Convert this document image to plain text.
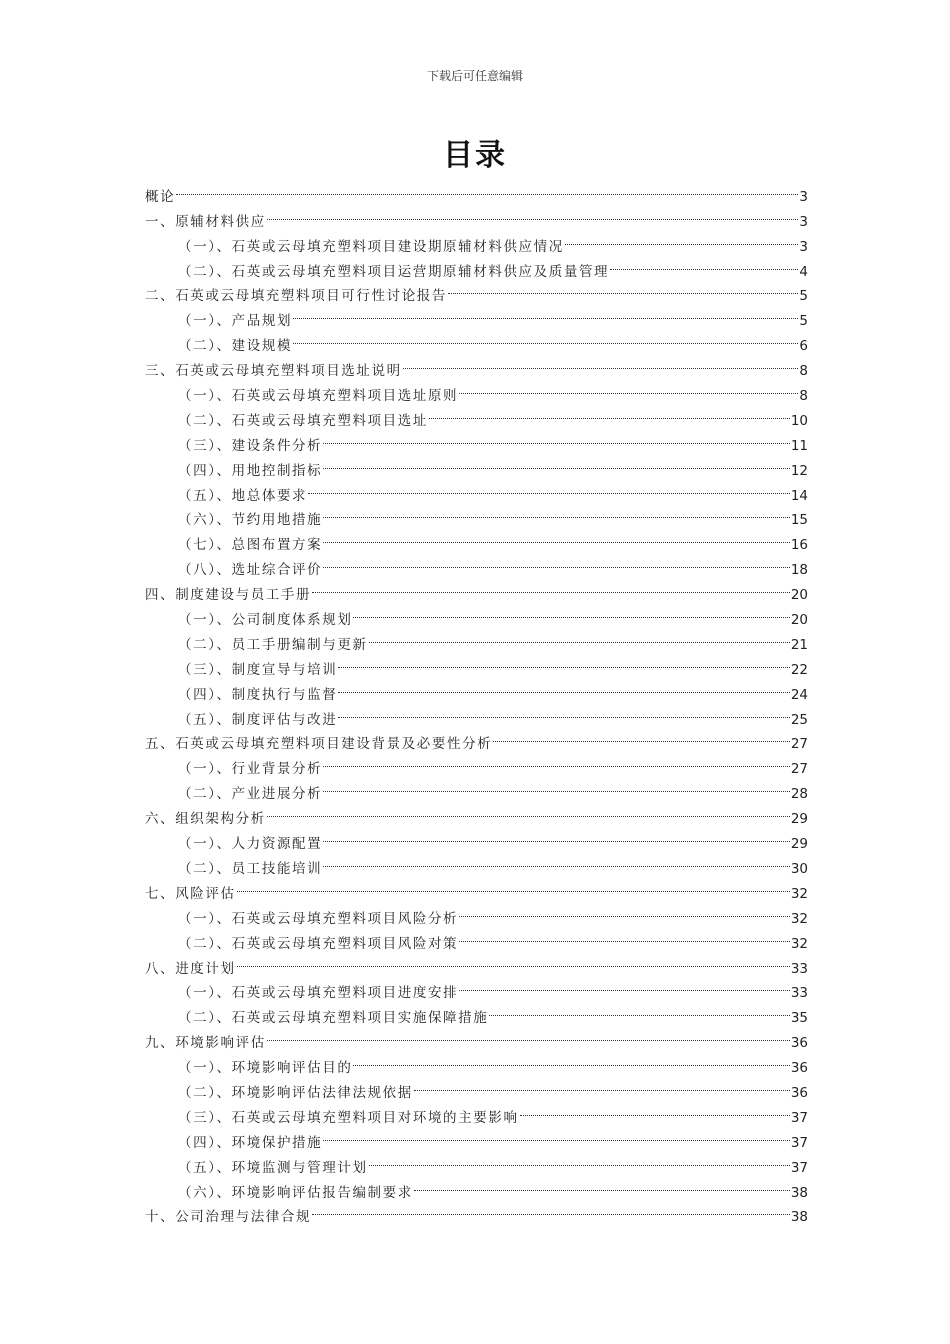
下载后可任意编辑
目录
概论	3
一、原辅材料供应	3
（一）、石英或云母填充塑料项目建设期原辅材料供应情况	3
（二）、石英或云母填充塑料项目运营期原辅材料供应及质量管理	4
二、石英或云母填充塑料项目可行性讨论报告	5
（一）、产品规划	5
（二）、建设规模	6
三、石英或云母填充塑料项目选址说明	8
（一）、石英或云母填充塑料项目选址原则	8
（二）、石英或云母填充塑料项目选址	10
（三）、建设条件分析	11
（四）、用地控制指标	12
（五）、地总体要求	14
（六）、节约用地措施	15
（七）、总图布置方案	16
（八）、选址综合评价	18
四、制度建设与员工手册	20
（一）、公司制度体系规划	20
（二）、员工手册编制与更新	21
（三）、制度宣导与培训	22
（四）、制度执行与监督	24
（五）、制度评估与改进	25
五、石英或云母填充塑料项目建设背景及必要性分析	27
（一）、行业背景分析	27
（二）、产业进展分析	28
六、组织架构分析	29
（一）、人力资源配置	29
（二）、员工技能培训	30
七、风险评估	32
（一）、石英或云母填充塑料项目风险分析	32
（二）、石英或云母填充塑料项目风险对策	32
八、进度计划	33
（一）、石英或云母填充塑料项目进度安排	33
（二）、石英或云母填充塑料项目实施保障措施	35
九、环境影响评估	36
（一）、环境影响评估目的	36
（二）、环境影响评估法律法规依据	36
（三）、石英或云母填充塑料项目对环境的主要影响	37
（四）、环境保护措施	37
（五）、环境监测与管理计划	37
（六）、环境影响评估报告编制要求	38
十、公司治理与法律合规	38
